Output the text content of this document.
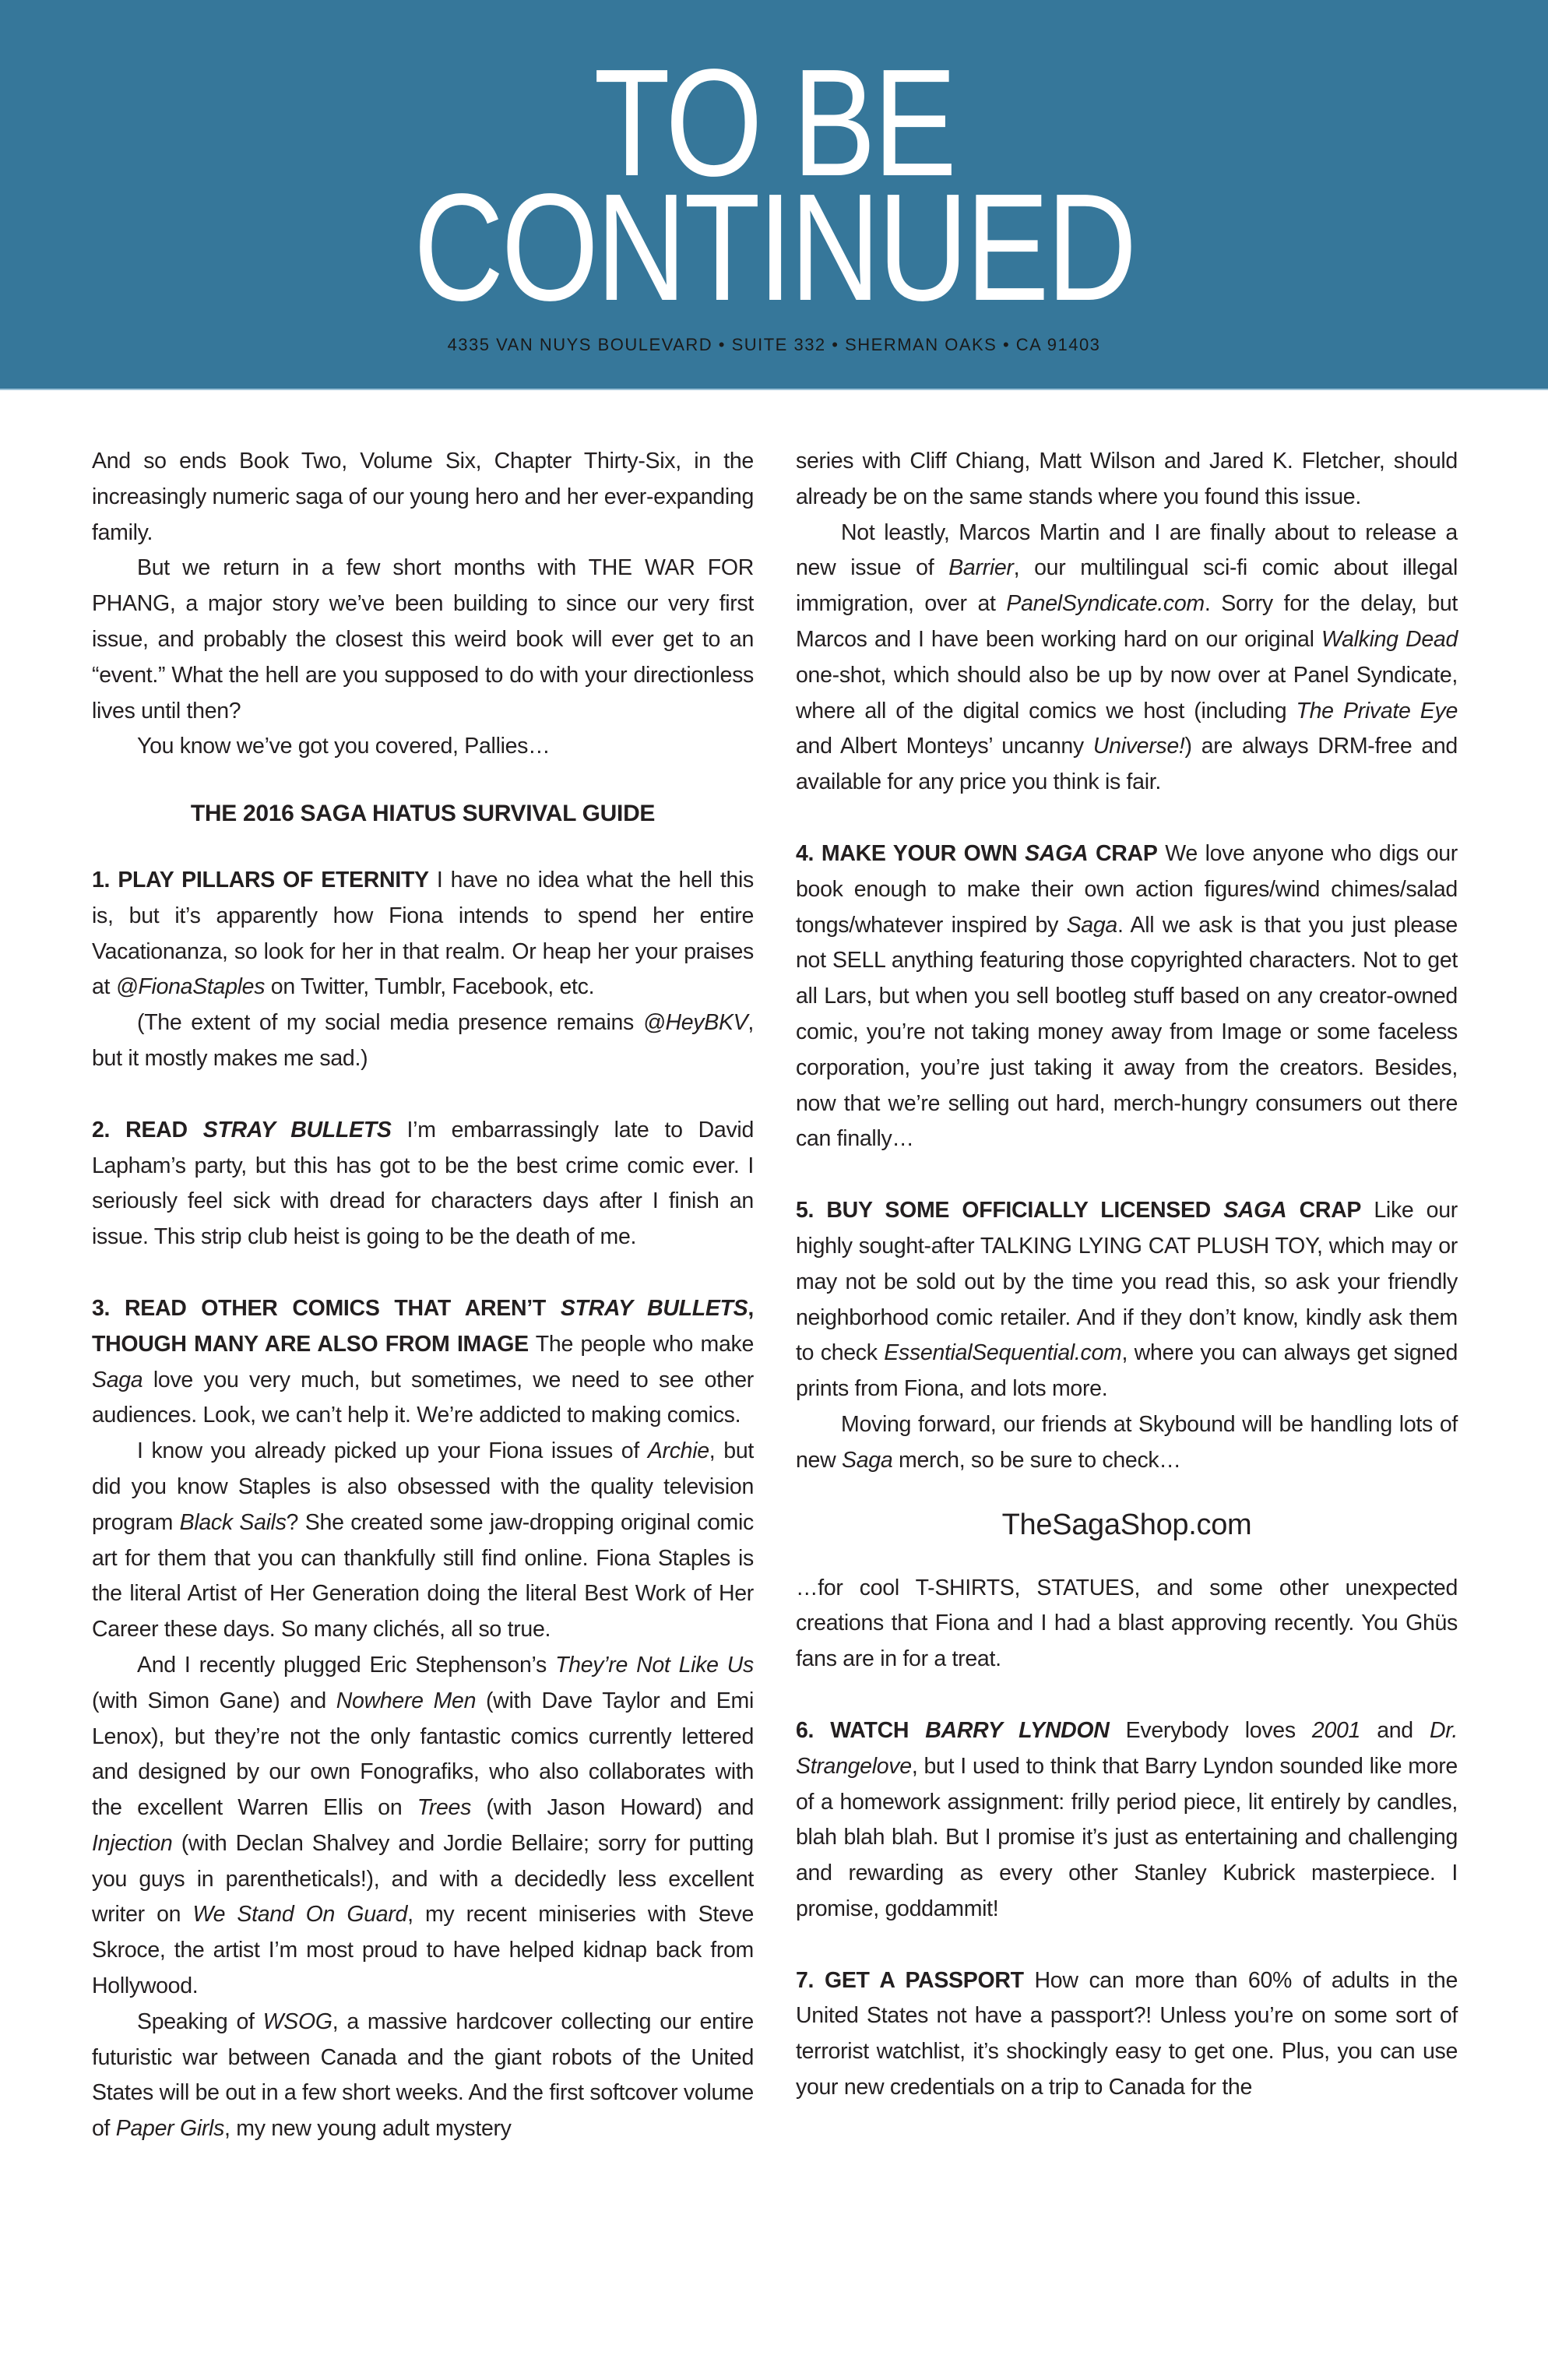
TO BE
CONTINUED
4335 VAN NUYS BOULEVARD • SUITE 332 • SHERMAN OAKS • CA 91403

And so ends Book Two, Volume Six, Chapter Thirty-Six, in the increasingly numeric saga of our young hero and her ever-expanding family.

But we return in a few short months with THE WAR FOR PHANG, a major story we’ve been building to since our very first issue, and probably the closest this weird book will ever get to an “event.” What the hell are you supposed to do with your directionless lives until then?

You know we’ve got you covered, Pallies…

THE 2016 SAGA HIATUS SURVIVAL GUIDE

1. PLAY PILLARS OF ETERNITY I have no idea what the hell this is, but it’s apparently how Fiona intends to spend her entire Vacationanza, so look for her in that realm. Or heap her your praises at @FionaStaples on Twitter, Tumblr, Facebook, etc.

(The extent of my social media presence remains @HeyBKV, but it mostly makes me sad.)

2. READ STRAY BULLETS I’m embarrassingly late to David Lapham’s party, but this has got to be the best crime comic ever. I seriously feel sick with dread for characters days after I finish an issue. This strip club heist is going to be the death of me.

3. READ OTHER COMICS THAT AREN’T STRAY BULLETS, THOUGH MANY ARE ALSO FROM IMAGE The people who make Saga love you very much, but sometimes, we need to see other audiences. Look, we can’t help it. We’re addicted to making comics.

I know you already picked up your Fiona issues of Archie, but did you know Staples is also obsessed with the quality television program Black Sails? She created some jaw-dropping original comic art for them that you can thankfully still find online. Fiona Staples is the literal Artist of Her Generation doing the literal Best Work of Her Career these days. So many clichés, all so true.

And I recently plugged Eric Stephenson’s They’re Not Like Us (with Simon Gane) and Nowhere Men (with Dave Taylor and Emi Lenox), but they’re not the only fantastic comics currently lettered and designed by our own Fonografiks, who also collaborates with the excellent Warren Ellis on Trees (with Jason Howard) and Injection (with Declan Shalvey and Jordie Bellaire; sorry for putting you guys in parentheticals!), and with a decidedly less excellent writer on We Stand On Guard, my recent miniseries with Steve Skroce, the artist I’m most proud to have helped kidnap back from Hollywood.

Speaking of WSOG, a massive hardcover collecting our entire futuristic war between Canada and the giant robots of the United States will be out in a few short weeks. And the first softcover volume of Paper Girls, my new young adult mystery

series with Cliff Chiang, Matt Wilson and Jared K. Fletcher, should already be on the same stands where you found this issue.

Not leastly, Marcos Martin and I are finally about to release a new issue of Barrier, our multilingual sci-fi comic about illegal immigration, over at PanelSyndicate.com. Sorry for the delay, but Marcos and I have been working hard on our original Walking Dead one-shot, which should also be up by now over at Panel Syndicate, where all of the digital comics we host (including The Private Eye and Albert Monteys’ uncanny Universe!) are always DRM-free and available for any price you think is fair.

4. MAKE YOUR OWN SAGA CRAP We love anyone who digs our book enough to make their own action figures/wind chimes/salad tongs/whatever inspired by Saga. All we ask is that you just please not SELL anything featuring those copyrighted characters. Not to get all Lars, but when you sell bootleg stuff based on any creator-owned comic, you’re not taking money away from Image or some faceless corporation, you’re just taking it away from the creators. Besides, now that we’re selling out hard, merch-hungry consumers out there can finally…

5. BUY SOME OFFICIALLY LICENSED SAGA CRAP Like our highly sought-after TALKING LYING CAT PLUSH TOY, which may or may not be sold out by the time you read this, so ask your friendly neighborhood comic retailer. And if they don’t know, kindly ask them to check EssentialSequential.com, where you can always get signed prints from Fiona, and lots more.

Moving forward, our friends at Skybound will be handling lots of new Saga merch, so be sure to check…

TheSagaShop.com

…for cool T-SHIRTS, STATUES, and some other unexpected creations that Fiona and I had a blast approving recently. You Ghüs fans are in for a treat.

6. WATCH BARRY LYNDON Everybody loves 2001 and Dr. Strangelove, but I used to think that Barry Lyndon sounded like more of a homework assignment: frilly period piece, lit entirely by candles, blah blah blah. But I promise it’s just as entertaining and challenging and rewarding as every other Stanley Kubrick masterpiece. I promise, goddammit!

7. GET A PASSPORT How can more than 60% of adults in the United States not have a passport?! Unless you’re on some sort of terrorist watchlist, it’s shockingly easy to get one. Plus, you can use your new credentials on a trip to Canada for the
